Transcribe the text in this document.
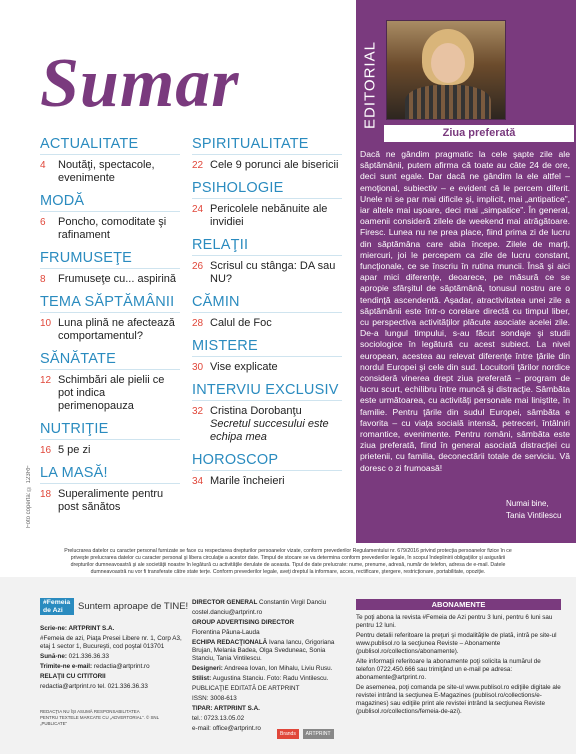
Sumar
ACTUALITATE
4	Noutăţi, spectacole, evenimente
MODĂ
6	Poncho, comoditate şi rafinament
FRUMUSEŢE
8	Frumuseţe cu... aspirină
TEMA SĂPTĂMÂNII
10 Luna plină ne afectează comportamentul?
SĂNĂTATE
12 Schimbări ale pielii ce pot indica perimenopauza
NUTRIŢIE
16 5 pe zi
LA MASĂ!
18 Superalimente pentru post sănătos
SPIRITUALITATE
22 Cele 9 porunci ale bisericii
PSIHOLOGIE
24 Pericolele nebănuite ale invidiei
RELAŢII
26 Scrisul cu stânga: DA sau NU?
CĂMIN
28 Calul de Foc
MISTERE
30 Vise explicate
INTERVIU EXCLUSIV
32 Cristina Dorobanţu
Secretul succesului este echipa mea
HOROSCOP
34 Marile încheieri
Foto coperta: © 123RF
EDITORIAL
Ziua preferată
Dacă ne gândim pragmatic la cele şapte zile ale săptămânii, putem afirma că toate au câte 24 de ore, deci sunt egale. Dar dacă ne gândim la ele altfel – emoţional, subiectiv – e evident că le percem diferit. Unele ni se par mai dificile şi, implicit, mai „antipatice”, iar altele mai uşoare, deci mai „simpatice”. În general, oamenii consideră zilele de weekend mai atrăgătoare. Firesc. Lunea nu ne prea place, fiind prima zi de lucru din săptămâna care abia începe. Zilele de marţi, miercuri, joi le percepem ca zile de lucru constant, funcţionale, ce se înscriu în rutina muncii. Însă şi aici apar mici diferenţe, deoarece, pe măsură ce se apropie sfârşitul de săptămână, tonusul nostru are o tendinţă ascendentă. Aşadar, atractivitatea unei zile a săptămânii este într-o corelare directă cu timpul liber, cu perspectiva activităţilor plăcute asociate acelei zile. De-a lungul timpului, s-au făcut sondaje şi studii sociologice în legătură cu acest subiect. La nivel european, acestea au relevat diferenţe între ţările din nordul Europei şi cele din sud. Locuitorii ţărilor nordice consideră vinerea drept ziua preferată – program de lucru scurt, echilibru între muncă şi distracţie. Sâmbăta este următoarea, cu activităţi personale mai liniştite, în familie. Pentru ţările din sudul Europei, sâmbăta e favorita – cu viaţa socială intensă, petreceri, întâlniri romantice, evenimente. Pentru români, sâmbăta este ziua preferată, fiind în general asociată distracţiei cu prietenii, cu familia, deconectării totale de serviciu. Vă doresc o zi frumoasă!
Numai bine,
Tania Vintilescu
Prelucrarea datelor cu caracter personal furnizate se face cu respectarea drepturilor persoanelor vizate, conform prevederilor Regulamentului nr. 679/2016 privind protecţia persoanelor fizice în ce priveşte prelucrarea datelor cu caracter personal şi libera circulaţie a acestor date. Timpul de stocare se va determina conform prevederilor legale, în scopul îndeplinirii obligaţiilor şi asigurării drepturilor dumneavoastră şi ale societăţii noastre în legătură cu activităţile derulate de aceasta. Tipul de date prelucrate: nume, prenume, adresă, număr de telefon, adresa de e-mail. Datele dumneavoastră nu vor fi transferate către state terţe. Conform prevederilor legale, aveţi dreptul la informare, acces, rectificare, ştergere, restricţionare, portabilitate, opoziţie.
#Femeia de Azi	Suntem aproape de TINE!
Scrie-ne: ARTPRINT S.A.
#Femeia de azi, Piaţa Presei Libere nr. 1, Corp A3, etaj 1 sector 1, Bucureşti, cod poştal 013701
Sună-ne: 021.336.36.33
Trimite-ne e-mail: redactia@artprint.ro
RELAŢII CU CITITORII
redactia@artprint.ro tel. 021.336.36.33
REDACŢIA NU ÎŞI ASUMĂ RESPONSABILITATEA
PENTRU TEXTELE MARCATE CU „ADVERTORIAL”. © SNL „PUBLICATE”
DIRECTOR GENERAL Constantin Virgil Danciu
costel.danciu@artprint.ro
GROUP ADVERTISING DIRECTOR
Florentina Păuna-Lauda
ECHIPA REDACŢIONALĂ Ivana Iancu, Grigoriana Brujan, Melania Badea, Olga Sveduneac, Sonia Stanciu, Tania Vintilescu.
Designeri: Andreea Iovan, Ion Mihalu, Liviu Rusu.
Stilist: Augustina Stanciu. Foto: Radu Vintilescu.
PUBLICAŢIE EDITATĂ DE ARTPRINT
ISSN: 3008-613
TIPAR: ARTPRINT S.A.
tel.: 0723.13.05.02
e-mail: office@artprint.ro
Brands ARTPRINT
ABONAMENTE
Te poţi abona la revista #Femeia de Azi pentru 3 luni, pentru 6 luni sau pentru 12 luni.
Pentru detalii referitoare la preţuri şi modalităţile de plată, intră pe site-ul www.publisol.ro la secţiunea Reviste – Abonamente (publisol.ro/collections/abonamente).
Alte informaţii referitoare la abonamente poţi solicita la numărul de telefon 0722.450.666 sau trimiţând un e-mail pe adresa: abonamente@artprint.ro.
De asemenea, poţi comanda pe site-ul www.publisol.ro ediţiile digitale ale revistei intrând la secţiunea E-Magazines (publisol.ro/collections/e-magazines) sau ediţiile print ale revistei intrând la secţiunea Reviste (publisol.ro/collections/femeia-de-azi).
